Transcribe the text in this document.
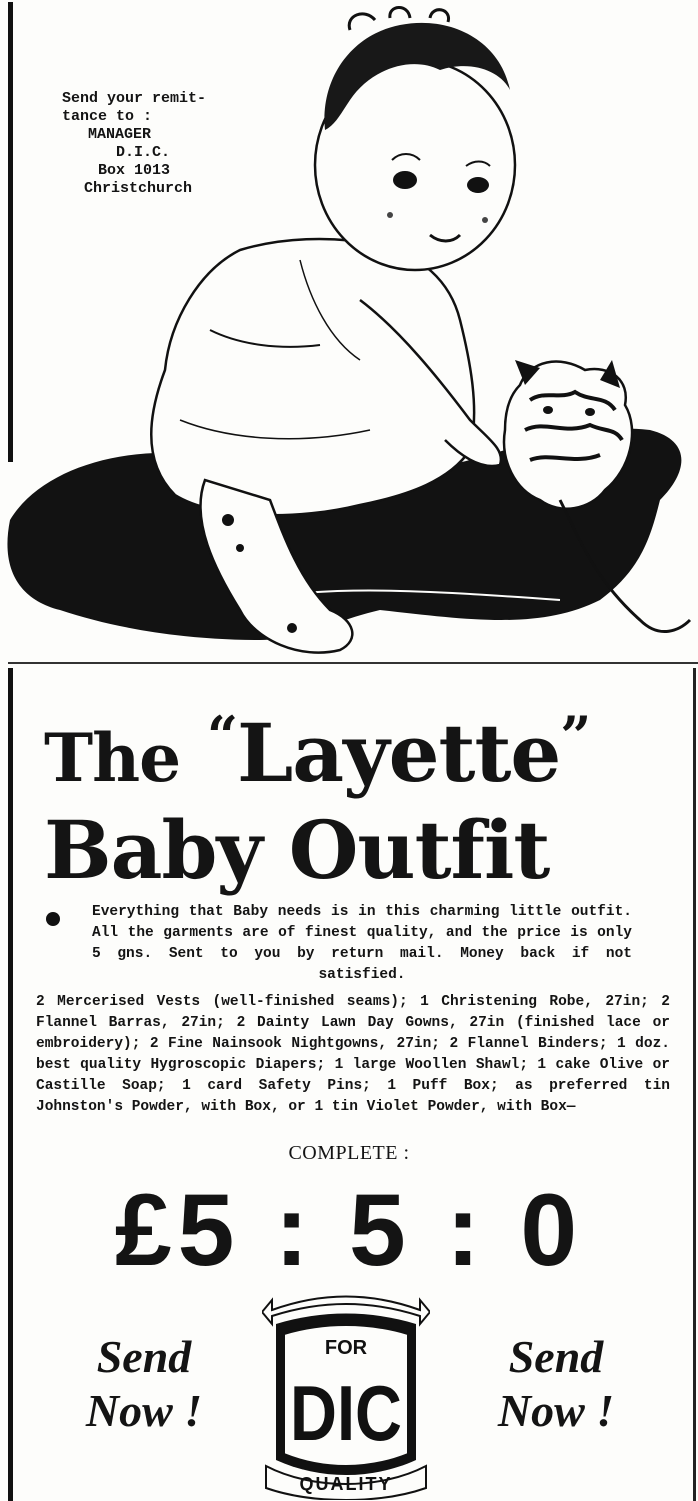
Send your remit-
tance to :
MANAGER
D.I.C.
Box 1013
Christchurch
The “Layette”
Baby Outfit

Everything that Baby needs is in this charming little outfit. All the garments are of finest quality, and the price is only 5 gns. Sent to you by return mail. Money back if not satisfied.

2 Mercerised Vests (well-finished seams); 1 Christening Robe, 27in; 2 Flannel Barras, 27in; 2 Dainty Lawn Day Gowns, 27in (finished lace or embroidery); 2 Fine Nainsook Nightgowns, 27in; 2 Flannel Binders; 1 doz. best quality Hygroscopic Diapers; 1 large Woollen Shawl; 1 cake Olive or Castille Soap; 1 card Safety Pins; 1 Puff Box; as preferred tin Johnston's Powder, with Box, or 1 tin Violet Powder, with Box—

COMPLETE :
£5 : 5 : 0
Send
Now !
Send
Now !
FOR
DIC
QUALITY
